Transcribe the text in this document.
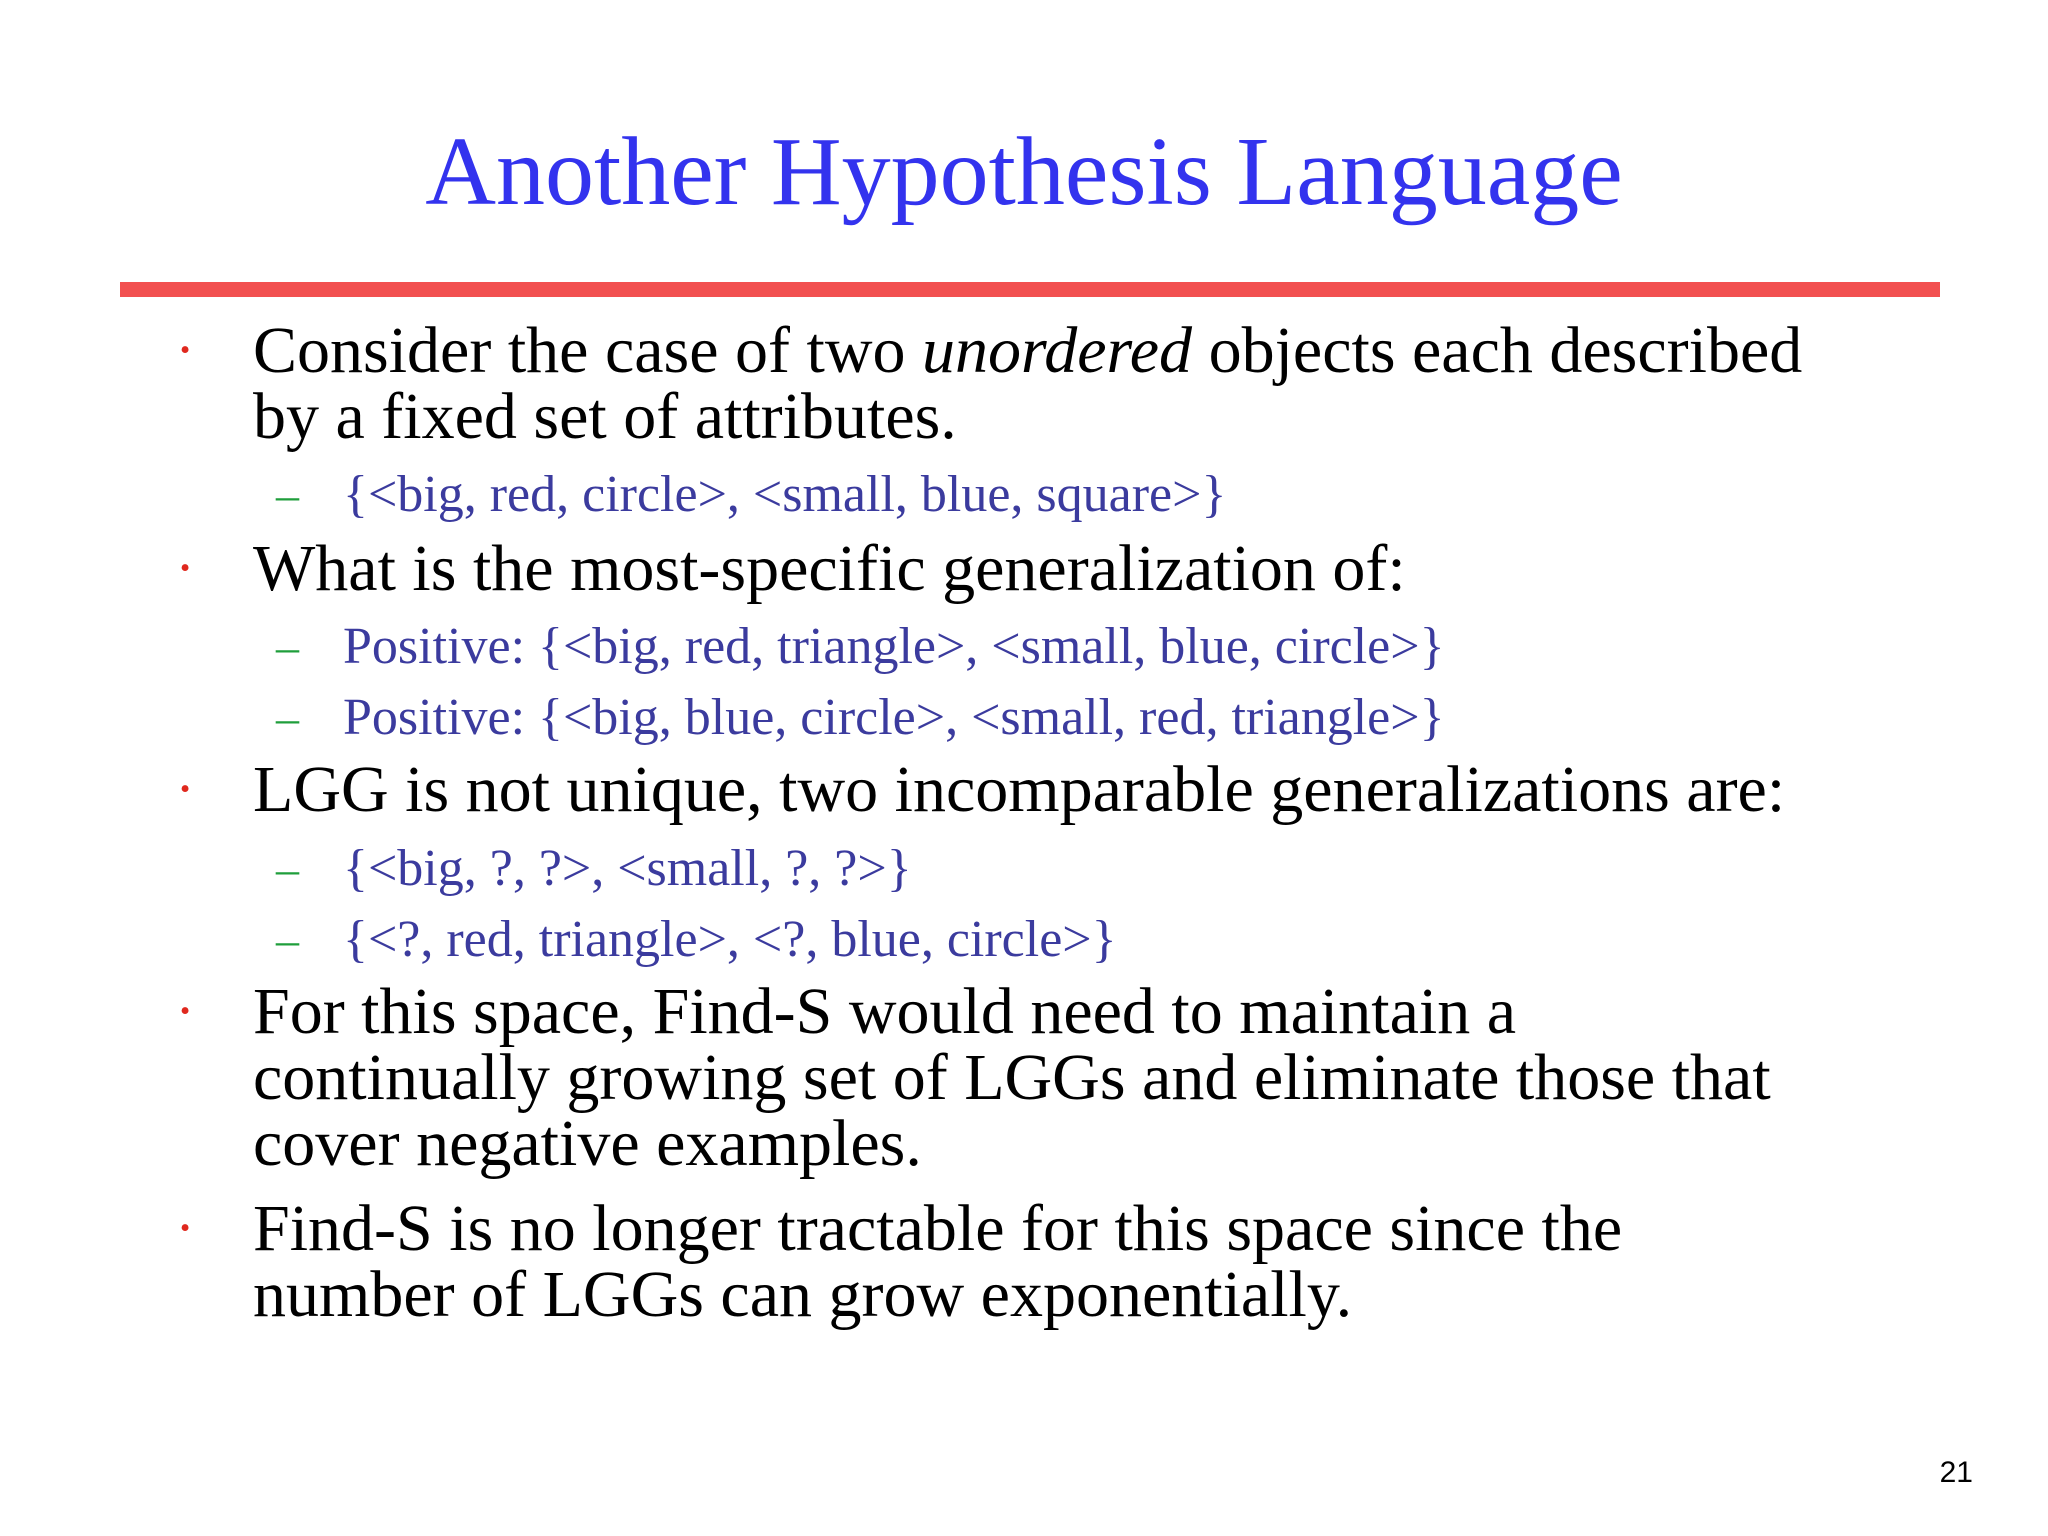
Another Hypothesis Language
• Consider the case of two unordered objects each described
by a fixed set of attributes.
– {<big, red, circle>, <small, blue, square>}
• What is the most-specific generalization of:
– Positive: {<big, red, triangle>, <small, blue, circle>}
– Positive: {<big, blue, circle>, <small, red, triangle>}
• LGG is not unique, two incomparable generalizations are:
– {<big, ?, ?>, <small, ?, ?>}
– {<?, red, triangle>, <?, blue, circle>}
• For this space, Find-S would need to maintain a
continually growing set of LGGs and eliminate those that
cover negative examples.
• Find-S is no longer tractable for this space since the
number of LGGs can grow exponentially.
21
